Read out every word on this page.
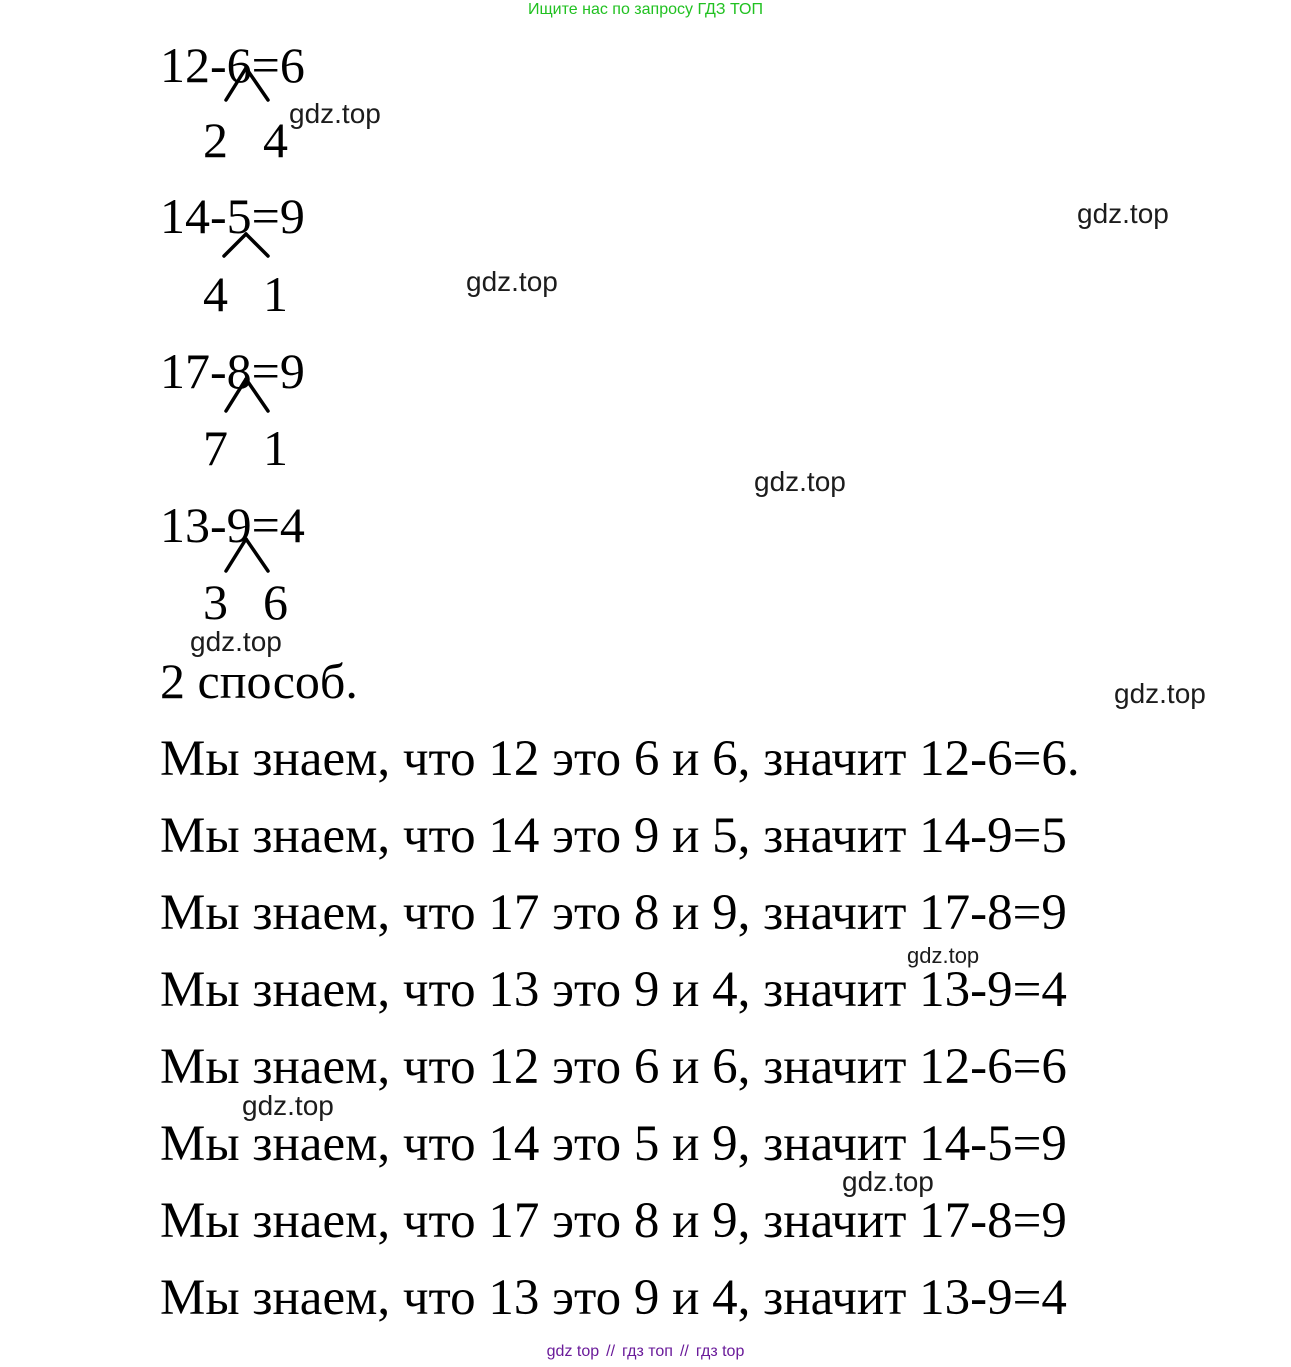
Ищите нас по запросу ГДЗ ТОП
12-6=6
2 4
14-5=9
4 1
17-8=9
7 1
13-9=4
3 6
2 способ.
Мы знаем, что 12 это 6 и 6, значит 12-6=6.
Мы знаем, что 14 это 9 и 5, значит 14-9=5
Мы знаем, что 17 это 8 и 9, значит 17-8=9
Мы знаем, что 13 это 9 и 4, значит 13-9=4
Мы знаем, что 12 это 6 и 6, значит 12-6=6
Мы знаем, что 14 это 5 и 9, значит 14-5=9
Мы знаем, что 17 это 8 и 9, значит 17-8=9
Мы знаем, что 13 это 9 и 4, значит 13-9=4
gdz.top
gdz.top
gdz.top
gdz.top
gdz.top
gdz.top
gdz.top
gdz.top
gdz.top
gdz top // гдз топ // гдз top
